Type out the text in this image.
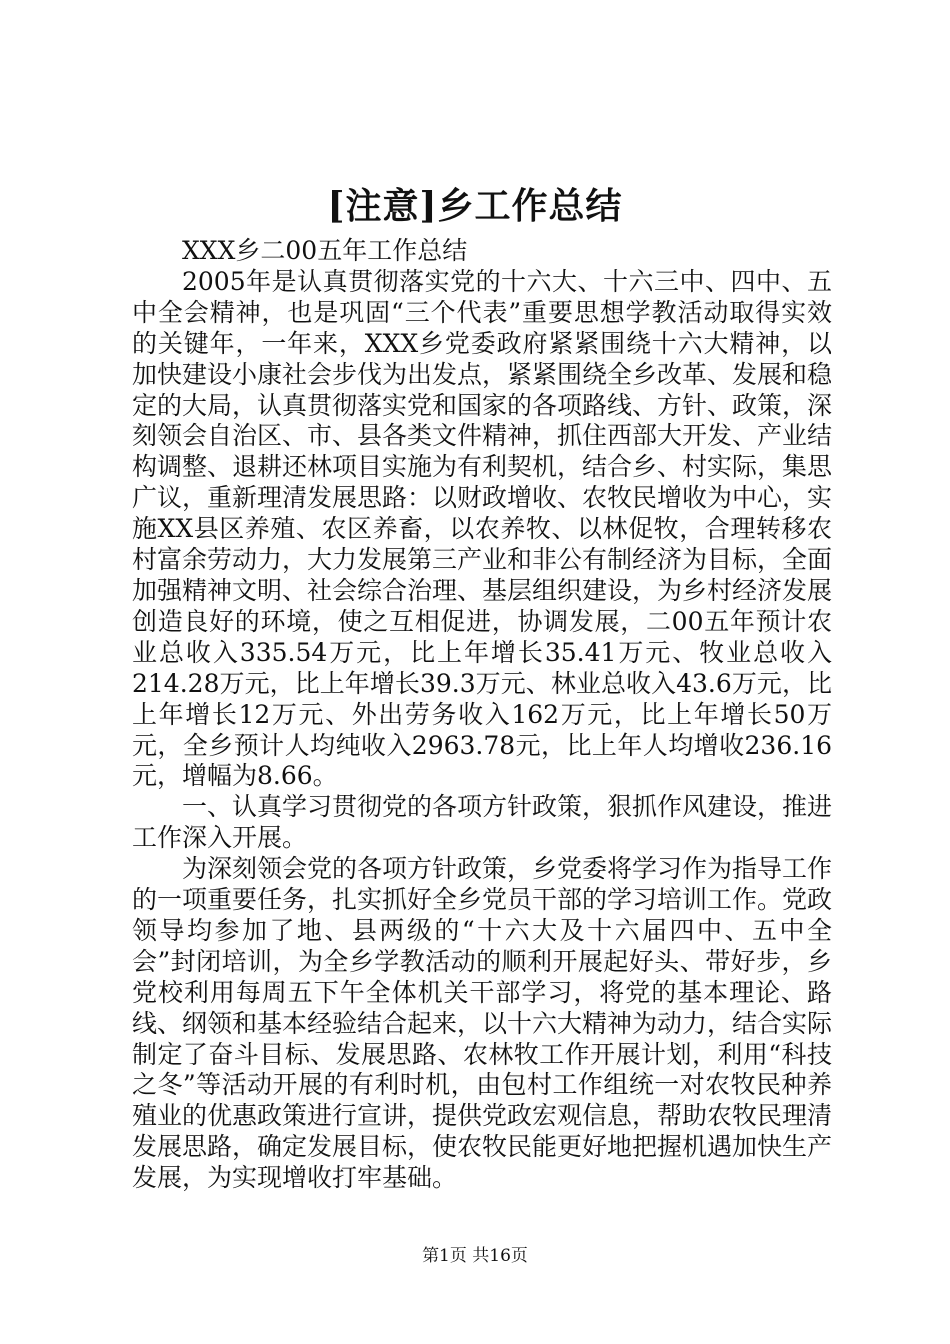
[注意]乡工作总结

XXX乡二00五年工作总结

2005年是认真贯彻落实党的十六大、十六三中、四中、五中全会精神，也是巩固“三个代表”重要思想学教活动取得实效的关键年，一年来，XXX乡党委政府紧紧围绕十六大精神，以加快建设小康社会步伐为出发点，紧紧围绕全乡改革、发展和稳定的大局，认真贯彻落实党和国家的各项路线、方针、政策，深刻领会自治区、市、县各类文件精神，抓住西部大开发、产业结构调整、退耕还林项目实施为有利契机，结合乡、村实际，集思广议，重新理清发展思路：以财政增收、农牧民增收为中心，实施XX县区养殖、农区养畜，以农养牧、以林促牧，合理转移农村富余劳动力，大力发展第三产业和非公有制经济为目标，全面加强精神文明、社会综合治理、基层组织建设，为乡村经济发展创造良好的环境，使之互相促进，协调发展，二00五年预计农业总收入335.54万元，比上年增长35.41万元、牧业总收入214.28万元，比上年增长39.3万元、林业总收入43.6万元，比上年增长12万元、外出劳务收入162万元，比上年增长50万元，全乡预计人均纯收入2963.78元，比上年人均增收236.16元，增幅为8.66。

一、认真学习贯彻党的各项方针政策，狠抓作风建设，推进工作深入开展。

为深刻领会党的各项方针政策，乡党委将学习作为指导工作的一项重要任务，扎实抓好全乡党员干部的学习培训工作。党政领导均参加了地、县两级的“十六大及十六届四中、五中全会”封闭培训，为全乡学教活动的顺利开展起好头、带好步，乡党校利用每周五下午全体机关干部学习，将党的基本理论、路线、纲领和基本经验结合起来，以十六大精神为动力，结合实际制定了奋斗目标、发展思路、农林牧工作开展计划，利用“科技之冬”等活动开展的有利时机，由包村工作组统一对农牧民种养殖业的优惠政策进行宣讲，提供党政宏观信息，帮助农牧民理清发展思路，确定发展目标，使农牧民能更好地把握机遇加快生产发展，为实现增收打牢基础。

第1页 共16页
